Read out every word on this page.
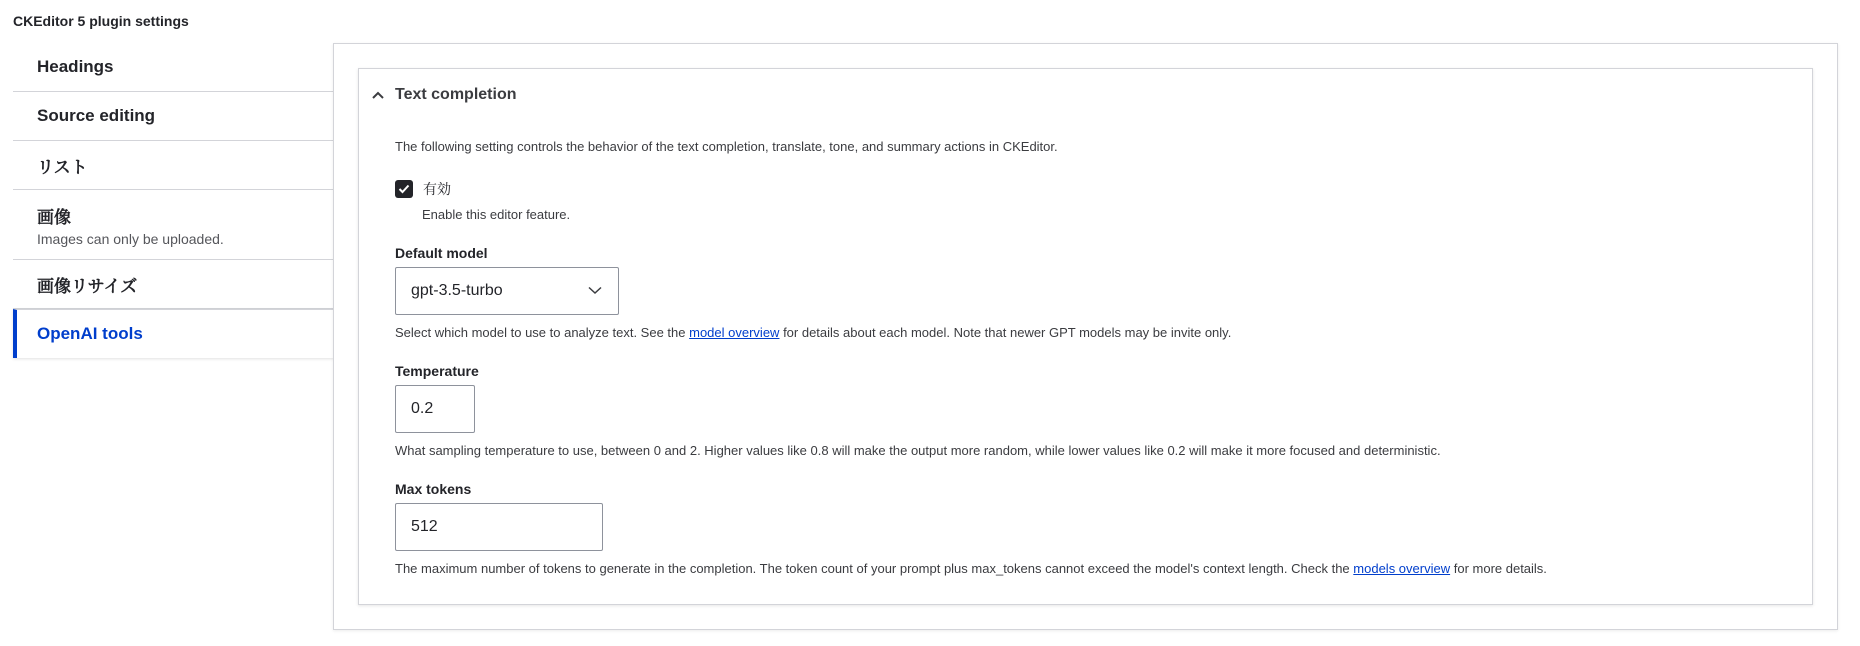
CKEditor 5 plugin settings
Headings
Source editing
リスト
画像
Images can only be uploaded.
画像リサイズ
OpenAI tools
Text completion
The following setting controls the behavior of the text completion, translate, tone, and summary actions in CKEditor.
有効
Enable this editor feature.
Default model
gpt-3.5-turbo
Select which model to use to analyze text. See the model overview for details about each model. Note that newer GPT models may be invite only.
Temperature
0.2
What sampling temperature to use, between 0 and 2. Higher values like 0.8 will make the output more random, while lower values like 0.2 will make it more focused and deterministic.
Max tokens
512
The maximum number of tokens to generate in the completion. The token count of your prompt plus max_tokens cannot exceed the model's context length. Check the models overview for more details.
